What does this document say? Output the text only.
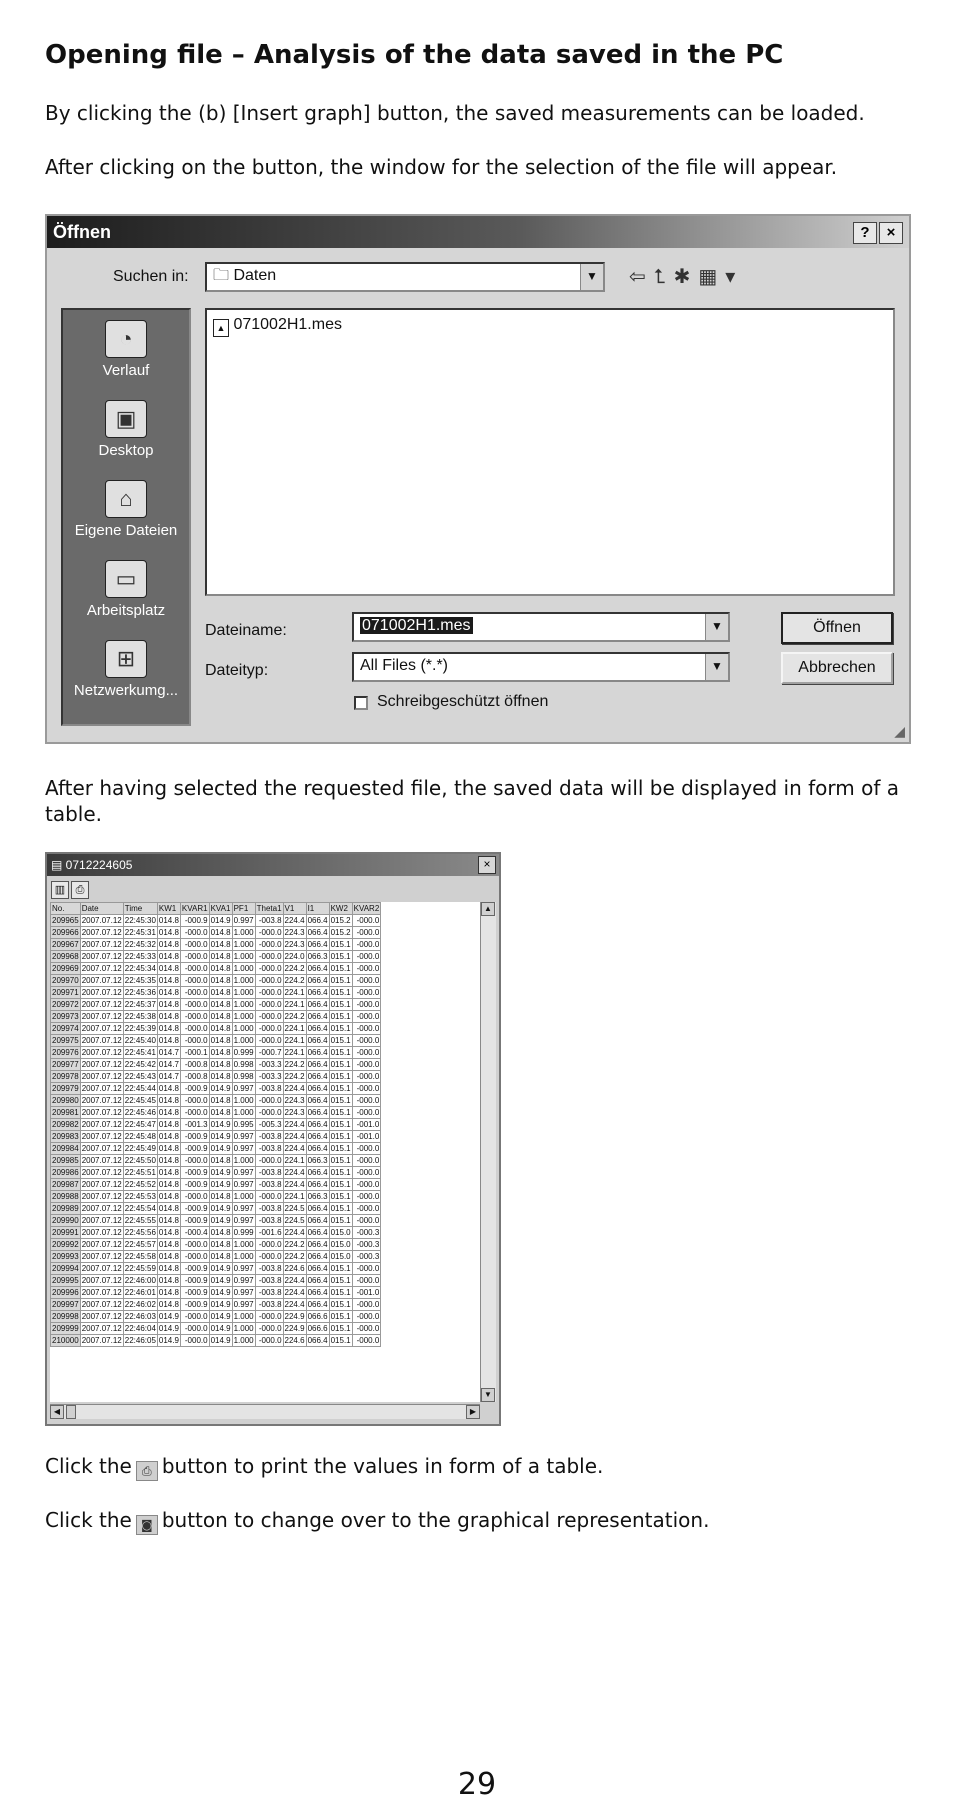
Opening file – Analysis of the data saved in the PC

By clicking the (b) [Insert graph] button, the saved measurements can be loaded.

After clicking on the button, the window for the selection of the file will appear.

Öffnen	?	×
Suchen in:	🗀 Daten	▼ ⇦⮤✱▦▾
◔
Verlauf
▣
Desktop
⌂
Eigene Dateien
▭
Arbeitsplatz
⊞
Netzwerkumg...
▲ 071002H1.mes
Dateiname:	071002H1.mes	▼
Dateityp:	All Files (*.*)	▼
Schreibgeschützt öffnen
Öffnen
Abbrechen
◢

After having selected the requested file, the saved data will be displayed in form of a table.

▤ 0712224605	×
▥ ⎙
No.	Date	Time	KW1	KVAR1	KVA1	PF1	Theta1	V1	I1	KW2	KVAR2
209965	2007.07.12	22:45:30	014.8	-000.9	014.9	0.997	-003.8	224.4	066.4	015.2	-000.0
209966	2007.07.12	22:45:31	014.8	-000.0	014.8	1.000	-000.0	224.3	066.4	015.2	-000.0
209967	2007.07.12	22:45:32	014.8	-000.0	014.8	1.000	-000.0	224.3	066.4	015.1	-000.0
209968	2007.07.12	22:45:33	014.8	-000.0	014.8	1.000	-000.0	224.0	066.3	015.1	-000.0
209969	2007.07.12	22:45:34	014.8	-000.0	014.8	1.000	-000.0	224.2	066.4	015.1	-000.0
209970	2007.07.12	22:45:35	014.8	-000.0	014.8	1.000	-000.0	224.2	066.4	015.1	-000.0
209971	2007.07.12	22:45:36	014.8	-000.0	014.8	1.000	-000.0	224.1	066.4	015.1	-000.0
209972	2007.07.12	22:45:37	014.8	-000.0	014.8	1.000	-000.0	224.1	066.4	015.1	-000.0
209973	2007.07.12	22:45:38	014.8	-000.0	014.8	1.000	-000.0	224.2	066.4	015.1	-000.0
209974	2007.07.12	22:45:39	014.8	-000.0	014.8	1.000	-000.0	224.1	066.4	015.1	-000.0
209975	2007.07.12	22:45:40	014.8	-000.0	014.8	1.000	-000.0	224.1	066.4	015.1	-000.0
209976	2007.07.12	22:45:41	014.7	-000.1	014.8	0.999	-000.7	224.1	066.4	015.1	-000.0
209977	2007.07.12	22:45:42	014.7	-000.8	014.8	0.998	-003.3	224.2	066.4	015.1	-000.0
209978	2007.07.12	22:45:43	014.7	-000.8	014.8	0.998	-003.3	224.2	066.4	015.1	-000.0
209979	2007.07.12	22:45:44	014.8	-000.9	014.9	0.997	-003.8	224.4	066.4	015.1	-000.0
209980	2007.07.12	22:45:45	014.8	-000.0	014.8	1.000	-000.0	224.3	066.4	015.1	-000.0
209981	2007.07.12	22:45:46	014.8	-000.0	014.8	1.000	-000.0	224.3	066.4	015.1	-000.0
209982	2007.07.12	22:45:47	014.8	-001.3	014.9	0.995	-005.3	224.4	066.4	015.1	-001.0
209983	2007.07.12	22:45:48	014.8	-000.9	014.9	0.997	-003.8	224.4	066.4	015.1	-001.0
209984	2007.07.12	22:45:49	014.8	-000.9	014.9	0.997	-003.8	224.4	066.4	015.1	-000.0
209985	2007.07.12	22:45:50	014.8	-000.0	014.8	1.000	-000.0	224.1	066.3	015.1	-000.0
209986	2007.07.12	22:45:51	014.8	-000.9	014.9	0.997	-003.8	224.4	066.4	015.1	-000.0
209987	2007.07.12	22:45:52	014.8	-000.9	014.9	0.997	-003.8	224.4	066.4	015.1	-000.0
209988	2007.07.12	22:45:53	014.8	-000.0	014.8	1.000	-000.0	224.1	066.3	015.1	-000.0
209989	2007.07.12	22:45:54	014.8	-000.9	014.9	0.997	-003.8	224.5	066.4	015.1	-000.0
209990	2007.07.12	22:45:55	014.8	-000.9	014.9	0.997	-003.8	224.5	066.4	015.1	-000.0
209991	2007.07.12	22:45:56	014.8	-000.4	014.8	0.999	-001.6	224.4	066.4	015.0	-000.3
209992	2007.07.12	22:45:57	014.8	-000.0	014.8	1.000	-000.0	224.2	066.4	015.0	-000.3
209993	2007.07.12	22:45:58	014.8	-000.0	014.8	1.000	-000.0	224.2	066.4	015.0	-000.3
209994	2007.07.12	22:45:59	014.8	-000.9	014.9	0.997	-003.8	224.6	066.4	015.1	-000.0
209995	2007.07.12	22:46:00	014.8	-000.9	014.9	0.997	-003.8	224.4	066.4	015.1	-000.0
209996	2007.07.12	22:46:01	014.8	-000.9	014.9	0.997	-003.8	224.4	066.4	015.1	-001.0
209997	2007.07.12	22:46:02	014.8	-000.9	014.9	0.997	-003.8	224.4	066.4	015.1	-000.0
209998	2007.07.12	22:46:03	014.9	-000.0	014.9	1.000	-000.0	224.9	066.6	015.1	-000.0
209999	2007.07.12	22:46:04	014.9	-000.0	014.9	1.000	-000.0	224.9	066.6	015.1	-000.0
210000	2007.07.12	22:46:05	014.9	-000.0	014.9	1.000	-000.0	224.6	066.4	015.1	-000.0
▲
▼
◀	▶

Click the ⎙ button to print the values in form of a table.

Click the ◙ button to change over to the graphical representation.

29
